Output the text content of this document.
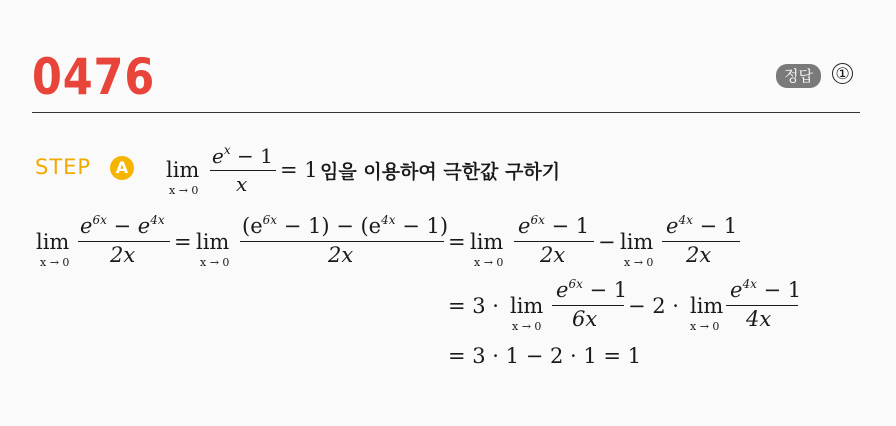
0476	정답	①
STEP	A lim
x → 0
$e^x - 1$
x
= 1 임을 이용하여 극한값 구하기
lim
x → 0
$e^{6x} - e^{4x}$
2x
= lim
x → 0
$(e^{6x} - 1) - (e^{4x} - 1)$
2x
= lim
x → 0
$e^{6x} - 1$
2x
− lim
x → 0
$e^{4x} - 1$
2x
= 3 · lim
x → 0
$e^{6x} - 1$
6x
− 2 · lim
x → 0
$e^{4x} - 1$
4x
= 3 · 1 − 2 · 1 = 1
